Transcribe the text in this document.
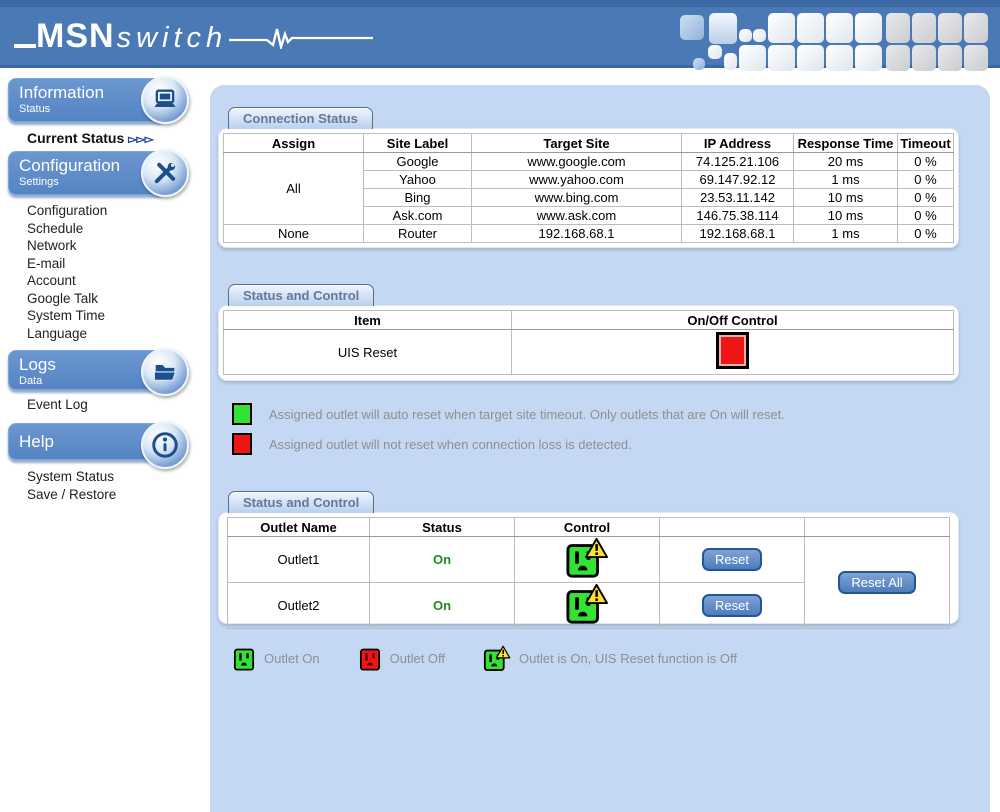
MSN switch
Information
Status
Current Status ▻▻▻
Configuration
Settings
Configuration
Schedule
Network
E-mail
Account
Google Talk
System Time
Language
Logs
Data
Event Log
Help
System Status
Save / Restore
Connection Status
Assign	Site Label	Target Site	IP Address	Response Time	Timeout
All	Google	www.google.com	74.125.21.106	20 ms	0 %
	Yahoo	www.yahoo.com	69.147.92.12	1 ms	0 %
	Bing	www.bing.com	23.53.11.142	10 ms	0 %
	Ask.com	www.ask.com	146.75.38.114	10 ms	0 %
None	Router	192.168.68.1	192.168.68.1	1 ms	0 %
Status and Control
Item	On/Off Control
UIS Reset	
Assigned outlet will auto reset when target site timeout. Only outlets that are On will reset.
Assigned outlet will not reset when connection loss is detected.
Status and Control
Outlet Name	Status	Control		
Outlet1	On		Reset	Reset All
Outlet2	On		Reset	
Outlet On	Outlet Off	Outlet is On, UIS Reset function is Off
